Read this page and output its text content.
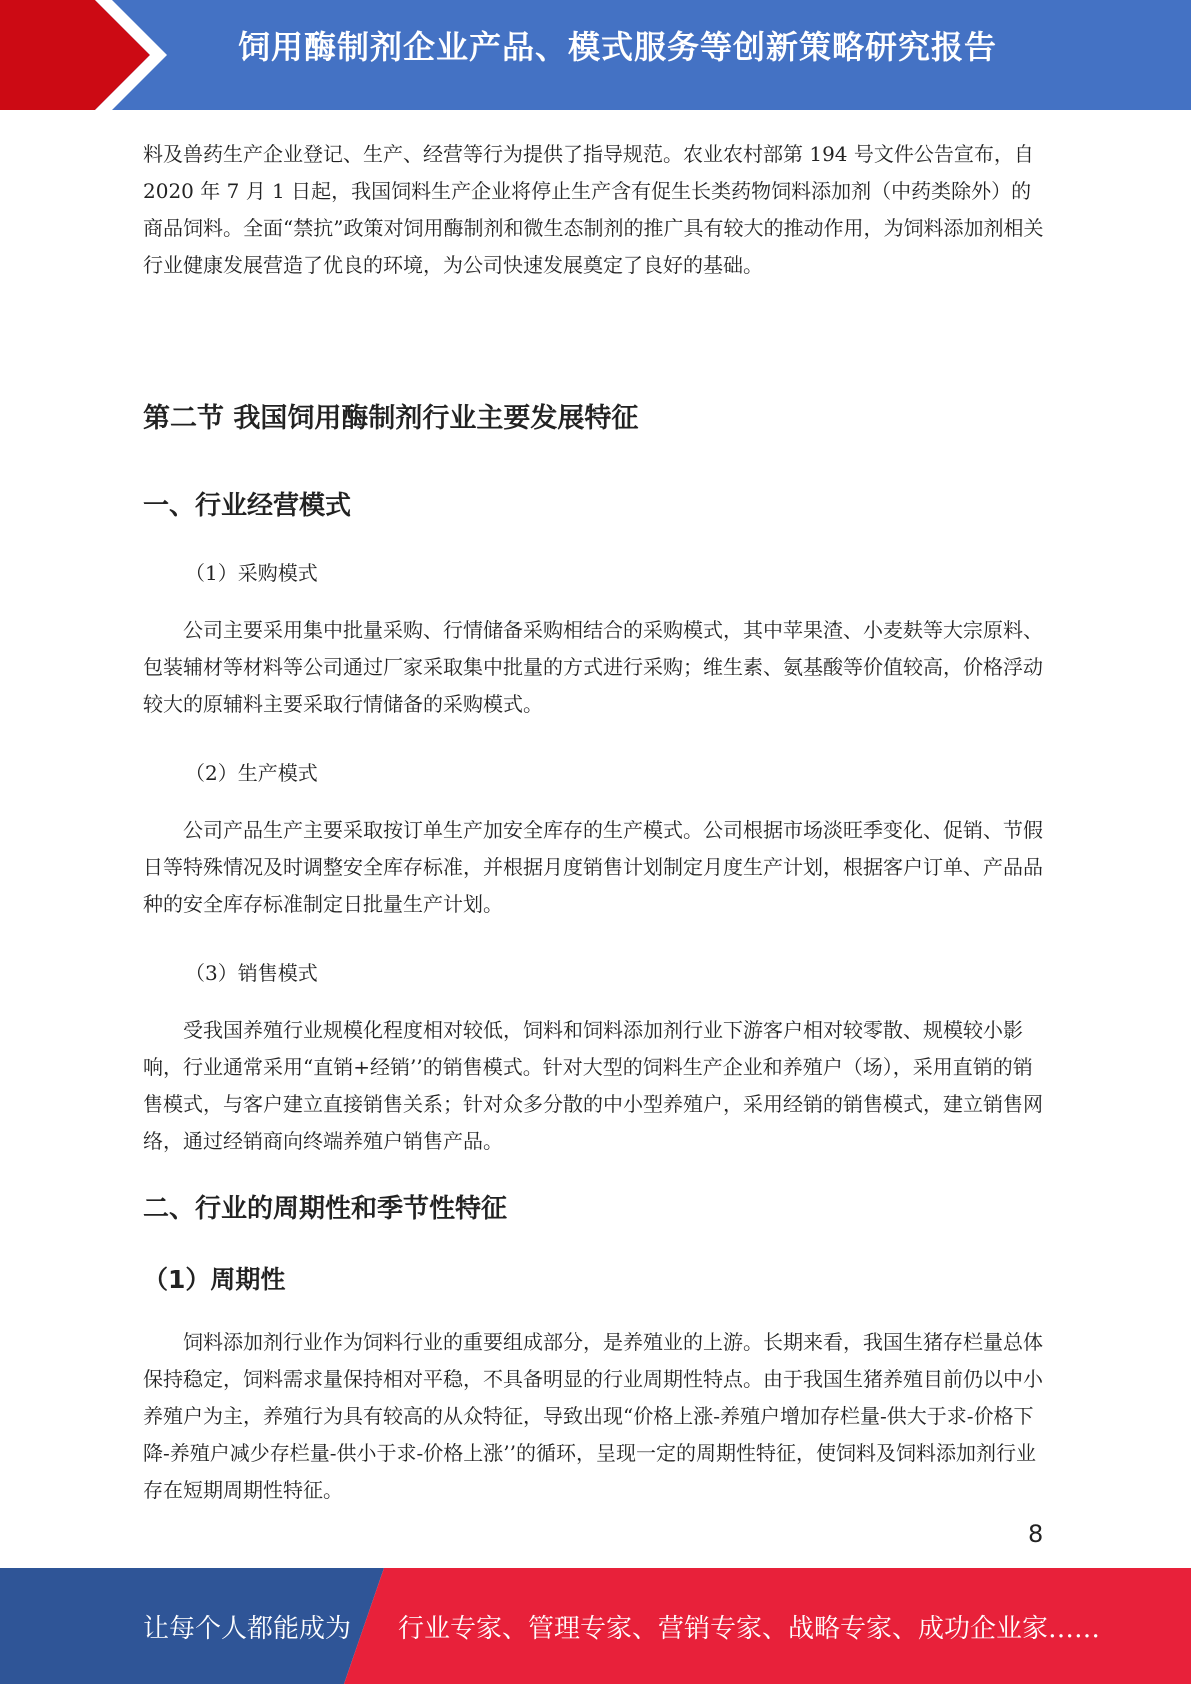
饲用酶制剂企业产品、模式服务等创新策略研究报告

料及兽药生产企业登记、生产、经营等行为提供了指导规范。农业农村部第 194 号文件公告宣布，自 2020 年 7 月 1 日起，我国饲料生产企业将停止生产含有促生长类药物饲料添加剂（中药类除外）的商品饲料。全面“禁抗”政策对饲用酶制剂和微生态制剂的推广具有较大的推动作用，为饲料添加剂相关行业健康发展营造了优良的环境，为公司快速发展奠定了良好的基础。

第二节 我国饲用酶制剂行业主要发展特征
一、行业经营模式

（1）采购模式

公司主要采用集中批量采购、行情储备采购相结合的采购模式，其中苹果渣、小麦麸等大宗原料、包装辅材等材料等公司通过厂家采取集中批量的方式进行采购；维生素、氨基酸等价值较高，价格浮动较大的原辅料主要采取行情储备的采购模式。

（2）生产模式

公司产品生产主要采取按订单生产加安全库存的生产模式。公司根据市场淡旺季变化、促销、节假日等特殊情况及时调整安全库存标准，并根据月度销售计划制定月度生产计划，根据客户订单、产品品种的安全库存标准制定日批量生产计划。

（3）销售模式

受我国养殖行业规模化程度相对较低，饲料和饲料添加剂行业下游客户相对较零散、规模较小影响，行业通常采用“直销+经销’’的销售模式。针对大型的饲料生产企业和养殖户（场），采用直销的销售模式，与客户建立直接销售关系；针对众多分散的中小型养殖户，采用经销的销售模式，建立销售网络，通过经销商向终端养殖户销售产品。

二、行业的周期性和季节性特征
（1）周期性

饲料添加剂行业作为饲料行业的重要组成部分，是养殖业的上游。长期来看，我国生猪存栏量总体保持稳定，饲料需求量保持相对平稳，不具备明显的行业周期性特点。由于我国生猪养殖目前仍以中小养殖户为主，养殖行为具有较高的从众特征，导致出现“价格上涨-养殖户增加存栏量-供大于求-价格下降-养殖户减少存栏量-供小于求-价格上涨’’的循环，呈现一定的周期性特征，使饲料及饲料添加剂行业存在短期周期性特征。

8
让每个人都能成为 行业专家、管理专家、营销专家、战略专家、成功企业家……
